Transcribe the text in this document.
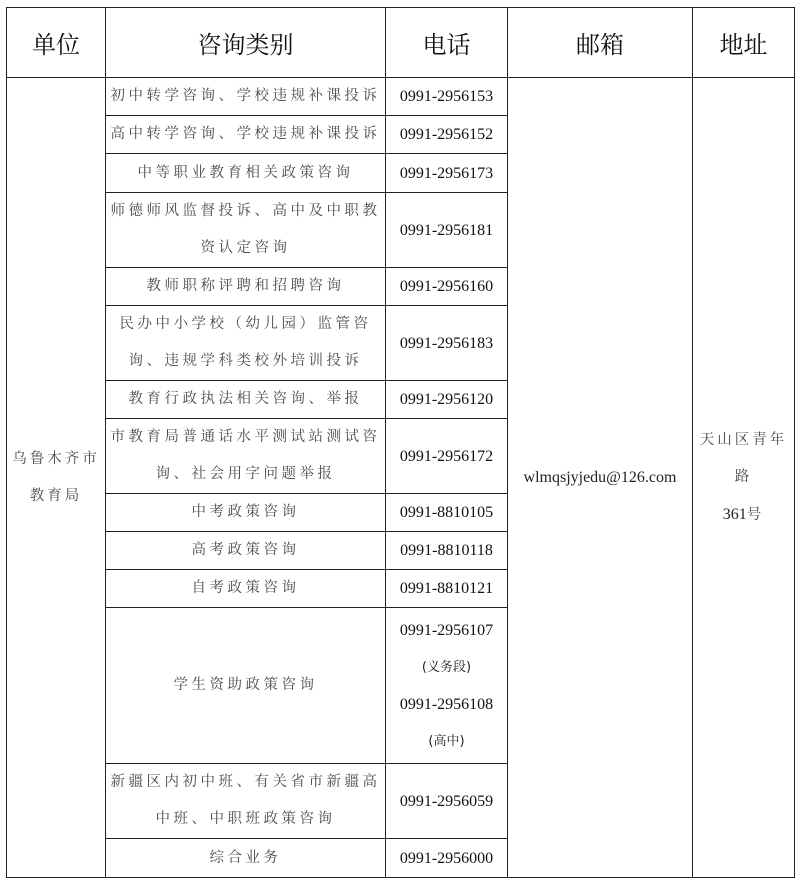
单位	咨询类别	电话	邮箱	地址
乌鲁木齐市教育局	初中转学咨询、学校违规补课投诉	0991-2956153	wlmqsjyjedu@126.com	天山区青年路
361号
	高中转学咨询、学校违规补课投诉	0991-2956152		
	中等职业教育相关政策咨询	0991-2956173		
	师德师风监督投诉、高中及中职教资认定咨询	0991-2956181		
	教师职称评聘和招聘咨询	0991-2956160		
	民办中小学校（幼儿园）监管咨询、违规学科类校外培训投诉	0991-2956183		
	教育行政执法相关咨询、举报	0991-2956120		
	市教育局普通话水平测试站测试咨询、社会用字问题举报	0991-2956172		
	中考政策咨询	0991-8810105		
	高考政策咨询	0991-8810118		
	自考政策咨询	0991-8810121		
	学生资助政策咨询	0991-2956107
(义务段)
0991-2956108
(高中)		

	新疆区内初中班、有关省市新疆高中班、中职班政策咨询	0991-2956059		
	综合业务	0991-2956000		
